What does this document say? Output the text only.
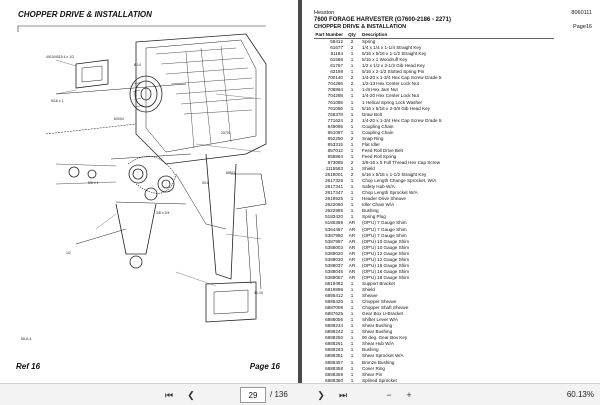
CHOPPER DRIVE & INSTALLATION
4910/4015 4 x 1/2
5/16 x 1
88511
8.14
5/8 x 1
60004
3/8 x 3/4
1/2
5/16
20701
41-10
55-A-4
Ref 16	Page 16
Hesston	8060111
7600 FORAGE HARVESTER (G7600-2186 - 2271)
CHOPPER DRIVE & INSTALLATION	Page16
Part Number	Qty	Description
58412	2	Spring
61677	2	1/4 x 1/4 x 1-1/4 Straight Key
61184	1	5/16 x 5/16 x 1-1/2 Straight Key
61586	1	5/16 x 1 Woodruff Key
61767	1	1/2 x 1/2 x 2-1/2 Gib Head Key
63198	1	5/16 x 2-1/2 Slotted Spring Pin
700140	2	1/4-20 x 1-3/4 Hex Cap Screw Grade 5
704286	2	1/2-13 Hex Center Lock Nut
708864	1	1-/8 Hex Jam Nut
704288	1	1/4-20 Hex Center Lock Nut
761085	1	1 Helical Spring Lock Washer
761086	1	5/16 x 5/16 x 2-3/8 Gib Head Key
766378	1	Draw Bolt
771624	2	1/4-20 x 1-3/4 Hex Cap Screw Grade 5
849095	1	Coupling Chain
851087	1	Coupling Chain
852250	2	Snap Ring
853315	1	Flat Idler
857012	1	Feed Roll Drive Belt
858864	1	Feed Roll Spring
873089	2	3/8-16 x 5 Full Thread Hex Cap Screw
1115583	1	Shield
2618001	2	5/16 x 5/16 x 1-1/2 Straight Key
2617325	1	Chop Length Change Sprocket, W/A
2617341	1	Safety Hub W/A
2617347	1	Chop Length Sprocket W/A
2619525	1	Header Drive Sheave
2622060	1	Idler Chain W/A
2622985	1	Bushing
5183420	1	Spring Plug
6186389	AR	(OP'U) 7 Gauge Shim
5364467	AR	(OP'U) 7 Gauge Shim
5387980	AR	(OP'U) 7 Gauge Shim
5387997	AR	(OP'U) 10 Gauge Shim
5388003	AR	(OP'U) 10 Gauge Shim
5388020	AR	(OP'U) 12 Gauge Shim
5388030	AR	(OP'U) 12 Gauge Shim
5388037	AR	(OP'U) 16 Gauge Shim
5388045	AR	(OP'U) 16 Gauge Shim
5388067	AR	(OP'U) 18 Gauge Shim
6819482	1	Support Bracket
6819898	1	Shield
6885412	1	Sheave
6885420	1	Chopper Sheave
6887008	1	Chopper Shaft Sheave
6887625	1	Gear Box U-Bracket
6888056	1	Shifter Lever W/A
6888234	1	Shear Bushing
6888242	1	Shear Bushing
6888250	1	90 deg. Gear Box Key
6888261	1	Shear Hub W/A
6888293	1	Bushing
6888351	1	Shear Sprocket W/A
6888357	1	Bronze Bushing
6888358	1	Cover Ring
6888359	1	Shear Pin
6888360	1	Splined Sprocket
⏮	❮
29	/ 136	❯	⏭	−	+	60.13%
